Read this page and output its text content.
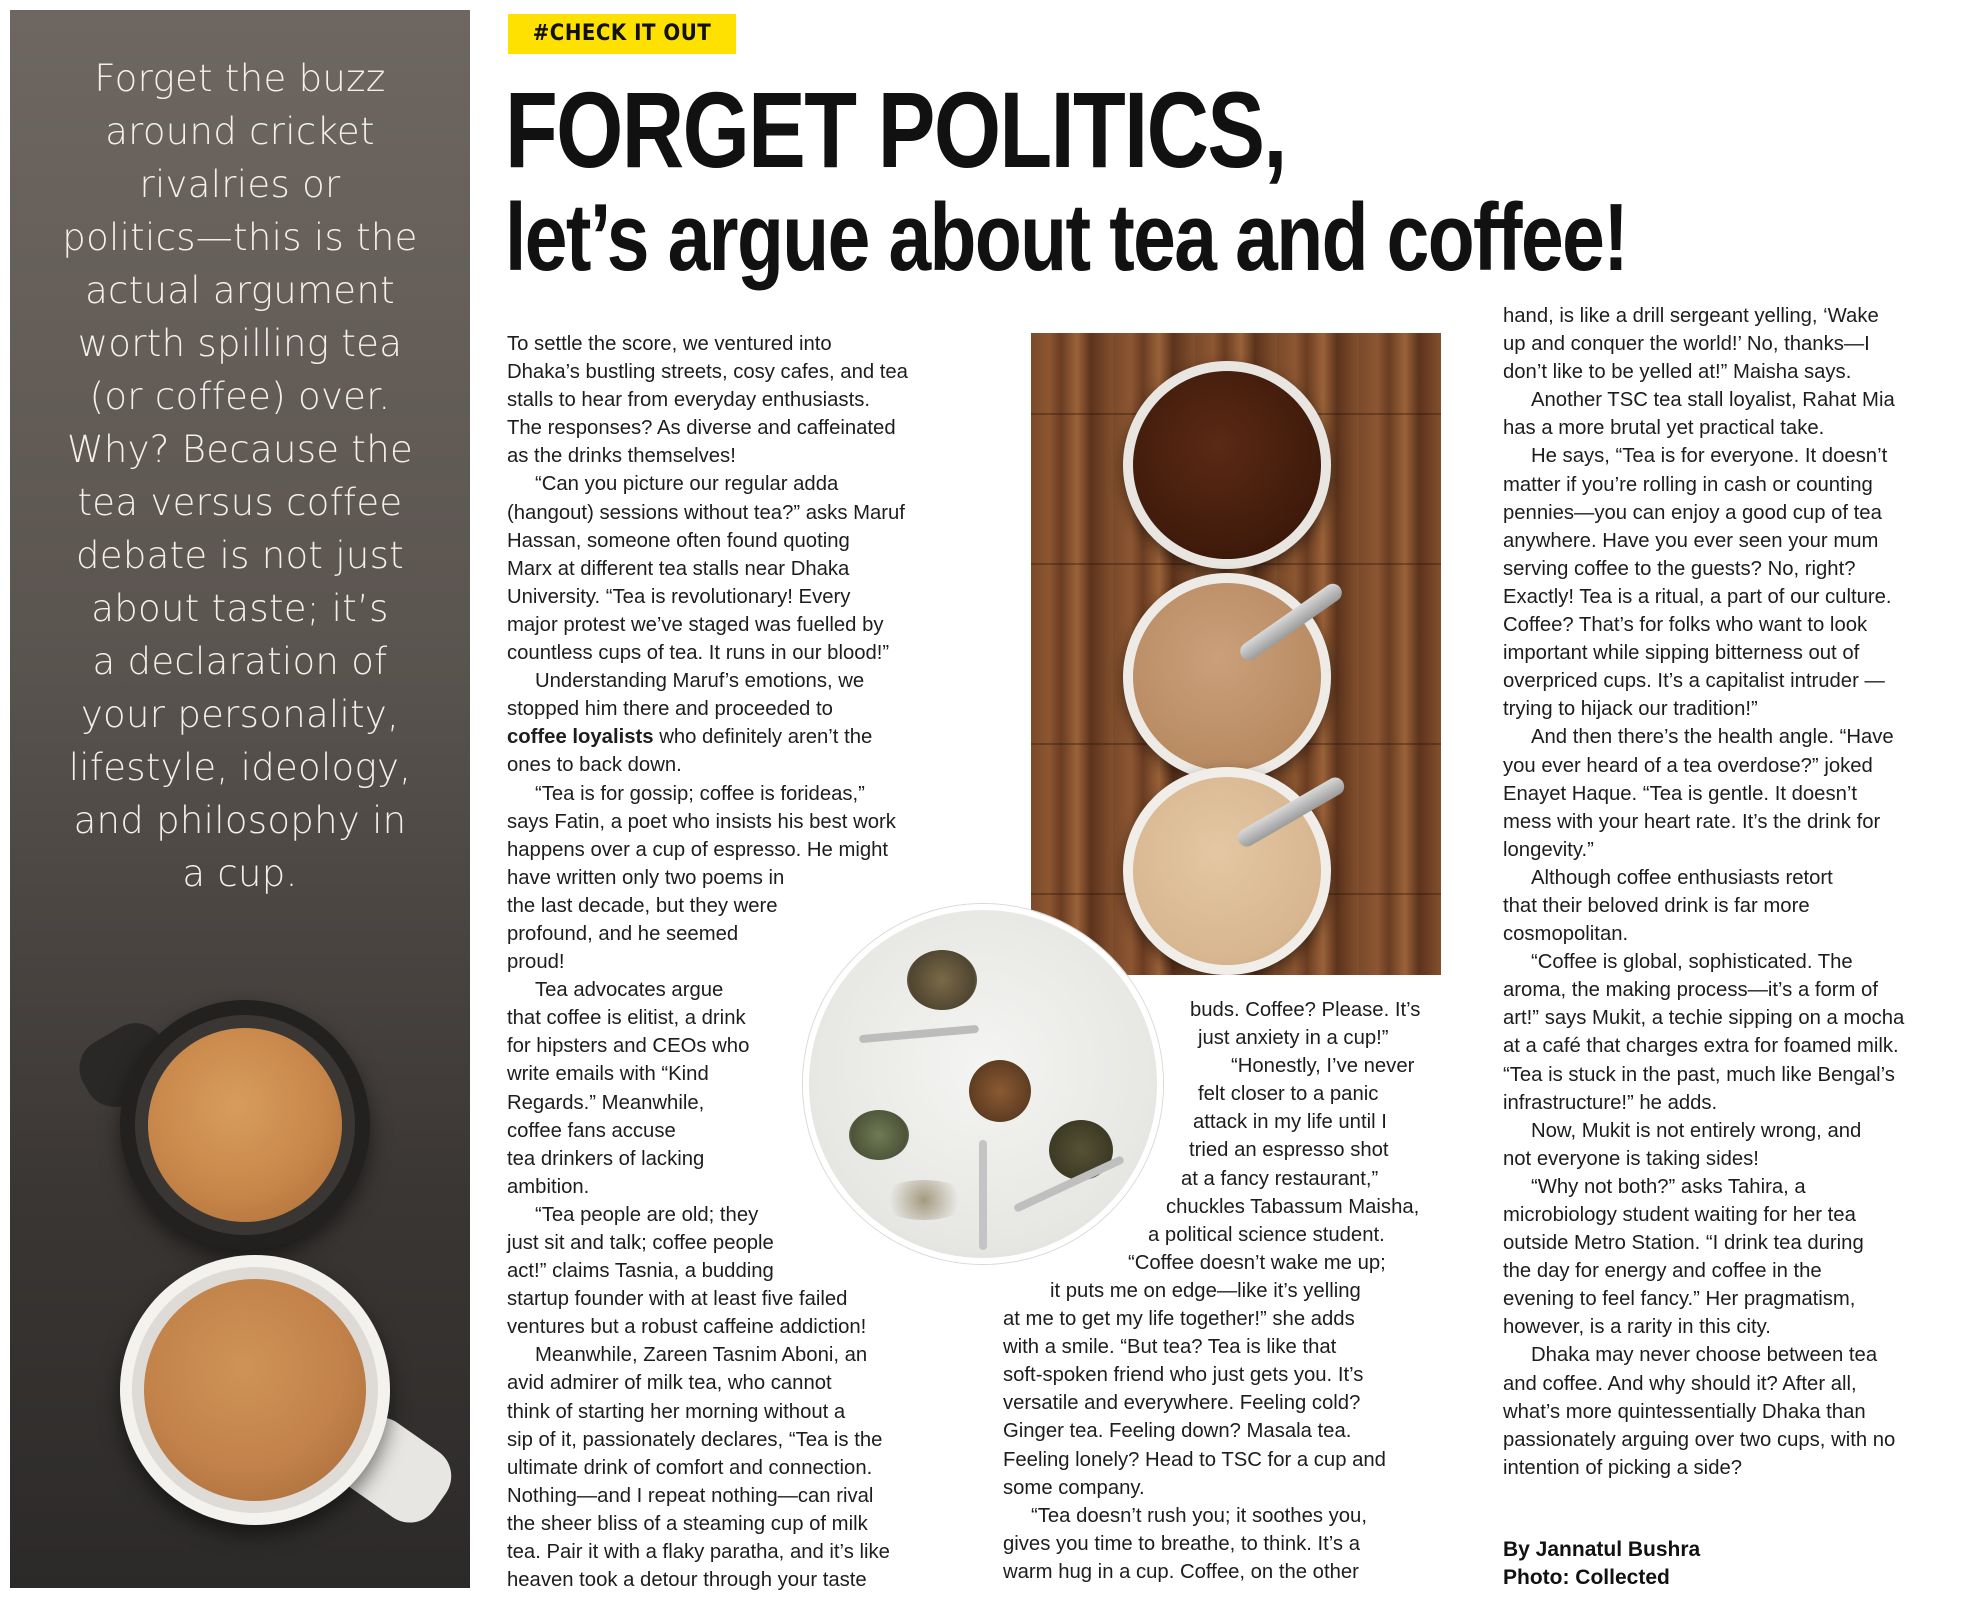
Forget the buzz
around cricket
rivalries or
politics—this is the
actual argument
worth spilling tea
(or coffee) over.
Why? Because the
tea versus coffee
debate is not just
about taste; it’s
a declaration of
your personality,
lifestyle, ideology,
and philosophy in
a cup.
#CHECK IT OUT
FORGET POLITICS,
let’s argue about tea and coffee!
To settle the score, we ventured into
Dhaka’s bustling streets, cosy cafes, and tea
stalls to hear from everyday enthusiasts.
The responses? As diverse and caffeinated
as the drinks themselves!
“Can you picture our regular adda
(hangout) sessions without tea?” asks Maruf
Hassan, someone often found quoting
Marx at different tea stalls near Dhaka
University. “Tea is revolutionary! Every
major protest we’ve staged was fuelled by
countless cups of tea. It runs in our blood!”
Understanding Maruf’s emotions, we
stopped him there and proceeded to
coffee loyalists who definitely aren’t the
ones to back down.
“Tea is for gossip; coffee is forideas,”
says Fatin, a poet who insists his best work
happens over a cup of espresso. He might
have written only two poems in
the last decade, but they were
profound, and he seemed
proud!
Tea advocates argue
that coffee is elitist, a drink
for hipsters and CEOs who
write emails with “Kind
Regards.” Meanwhile,
coffee fans accuse
tea drinkers of lacking
ambition.
“Tea people are old; they
just sit and talk; coffee people
act!” claims Tasnia, a budding
startup founder with at least five failed
ventures but a robust caffeine addiction!
Meanwhile, Zareen Tasnim Aboni, an
avid admirer of milk tea, who cannot
think of starting her morning without a
sip of it, passionately declares, “Tea is the
ultimate drink of comfort and connection.
Nothing—and I repeat nothing—can rival
the sheer bliss of a steaming cup of milk
tea. Pair it with a flaky paratha, and it’s like
heaven took a detour through your taste
buds. Coffee? Please. It’s
just anxiety in a cup!”
“Honestly, I’ve never
felt closer to a panic
attack in my life until I
tried an espresso shot
at a fancy restaurant,”
chuckles Tabassum Maisha,
a political science student.
“Coffee doesn’t wake me up;
it puts me on edge—like it’s yelling
at me to get my life together!” she adds
with a smile. “But tea? Tea is like that
soft-spoken friend who just gets you. It’s
versatile and everywhere. Feeling cold?
Ginger tea. Feeling down? Masala tea.
Feeling lonely? Head to TSC for a cup and
some company.
“Tea doesn’t rush you; it soothes you,
gives you time to breathe, to think. It’s a
warm hug in a cup. Coffee, on the other
hand, is like a drill sergeant yelling, ‘Wake
up and conquer the world!’ No, thanks—I
don’t like to be yelled at!” Maisha says.
Another TSC tea stall loyalist, Rahat Mia
has a more brutal yet practical take.
He says, “Tea is for everyone. It doesn’t
matter if you’re rolling in cash or counting
pennies—you can enjoy a good cup of tea
anywhere. Have you ever seen your mum
serving coffee to the guests? No, right?
Exactly! Tea is a ritual, a part of our culture.
Coffee? That’s for folks who want to look
important while sipping bitterness out of
overpriced cups. It’s a capitalist intruder —
trying to hijack our tradition!”
And then there’s the health angle. “Have
you ever heard of a tea overdose?” joked
Enayet Haque. “Tea is gentle. It doesn’t
mess with your heart rate. It’s the drink for
longevity.”
Although coffee enthusiasts retort
that their beloved drink is far more
cosmopolitan.
“Coffee is global, sophisticated. The
aroma, the making process—it’s a form of
art!” says Mukit, a techie sipping on a mocha
at a café that charges extra for foamed milk.
“Tea is stuck in the past, much like Bengal’s
infrastructure!” he adds.
Now, Mukit is not entirely wrong, and
not everyone is taking sides!
“Why not both?” asks Tahira, a
microbiology student waiting for her tea
outside Metro Station. “I drink tea during
the day for energy and coffee in the
evening to feel fancy.” Her pragmatism,
however, is a rarity in this city.
Dhaka may never choose between tea
and coffee. And why should it? After all,
what’s more quintessentially Dhaka than
passionately arguing over two cups, with no
intention of picking a side?
By Jannatul Bushra
Photo: Collected
